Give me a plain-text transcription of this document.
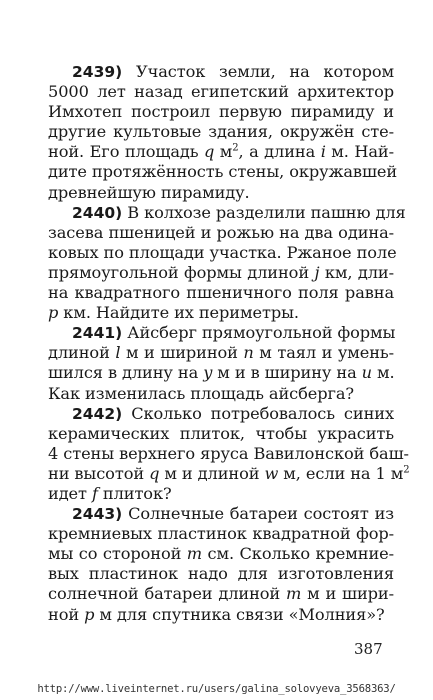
2439) Участок земли, на котором
5000 лет назад египетский архитектор
Имхотеп построил первую пирамиду и
другие культовые здания, окружён сте-
ной. Его площадь q $м^2$, а длина i м. Най-
дите протяжённость стены, окружавшей
древнейшую пирамиду.

2440) В колхозе разделили пашню для
засева пшеницей и рожью на два одина-
ковых по площади участка. Ржаное поле
прямоугольной формы длиной j км, дли-
на квадратного пшеничного поля равна
p км. Найдите их периметры.

2441) Айсберг прямоугольной формы
длиной l м и шириной n м таял и умень-
шился в длину на y м и в ширину на u м.
Как изменилась площадь айсберга?

2442) Сколько потребовалось синих
керамических плиток, чтобы украсить
4 стены верхнего яруса Вавилонской баш-
ни высотой q м и длиной w м, если на 1 $м^2$
идет f плиток?

2443) Солнечные батареи состоят из
кремниевых пластинок квадратной фор-
мы со стороной m см. Сколько кремние-
вых пластинок надо для изготовления
солнечной батареи длиной m м и шири-
ной p м для спутника связи «Молния»?

387
http://www.liveinternet.ru/users/galina_solovyeva_3568363/
